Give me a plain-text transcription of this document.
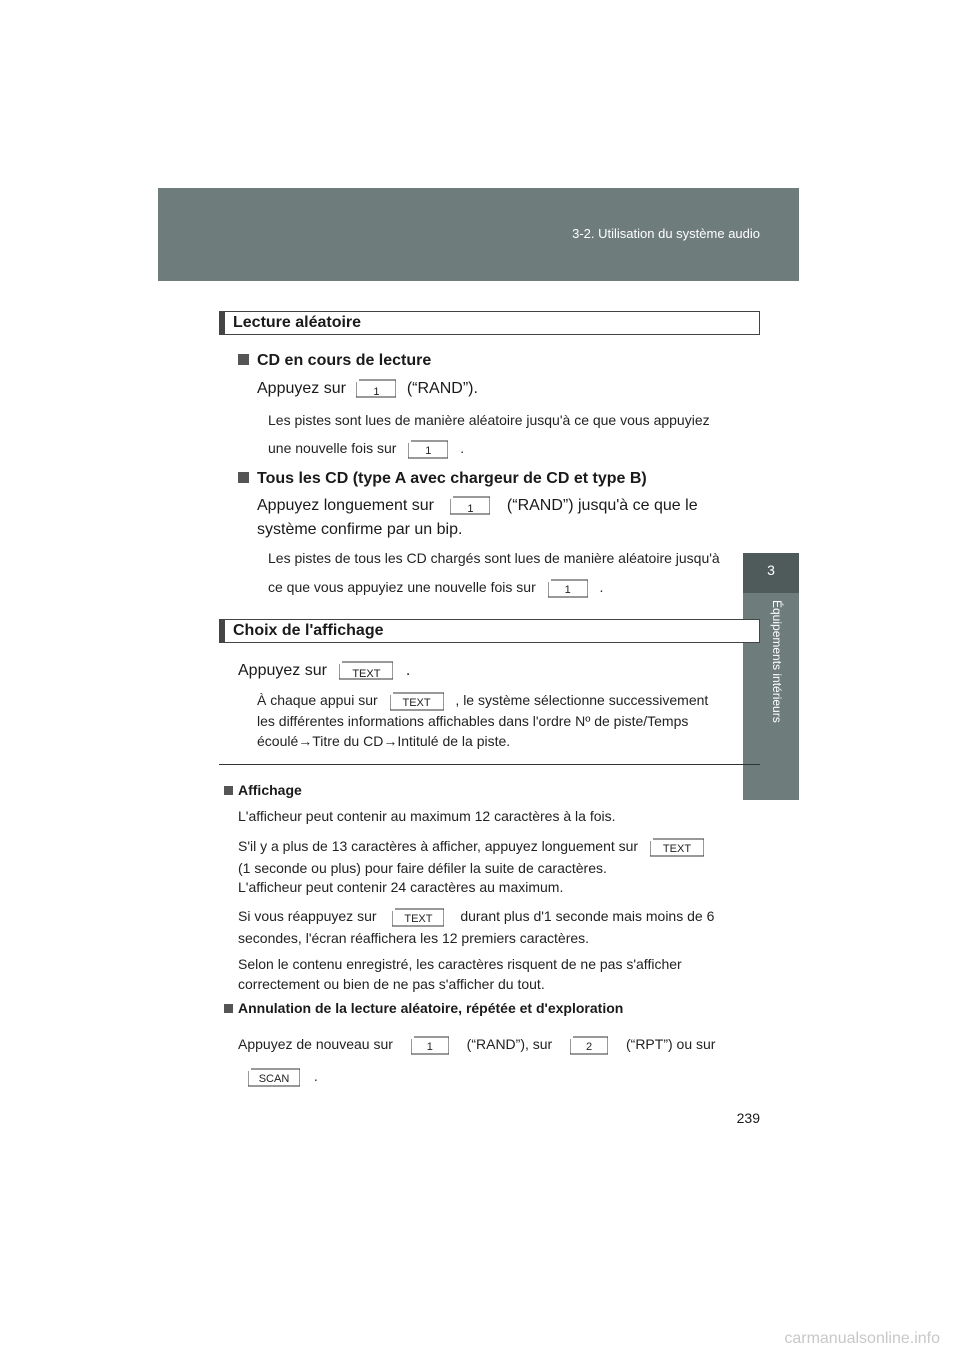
3-2. Utilisation du système audio
3
Équipements intérieurs
Lecture aléatoire
CD en cours de lecture
Appuyez sur	1	(“RAND”).
Les pistes sont lues de manière aléatoire jusqu'à ce que vous appuyiez
une nouvelle fois sur	1	.
Tous les CD (type A avec chargeur de CD et type B)
Appuyez longuement sur	1	(“RAND”) jusqu'à ce que le
système confirme par un bip.
Les pistes de tous les CD chargés sont lues de manière aléatoire jusqu'à
ce que vous appuyiez une nouvelle fois sur	1	.
Choix de l'affichage
Appuyez sur	TEXT	.
À chaque appui sur	TEXT	, le système sélectionne successivement
les différentes informations affichables dans l'ordre Nº de piste/Temps
écoulé→Titre du CD→Intitulé de la piste.
Affichage
L'afficheur peut contenir au maximum 12 caractères à la fois.
S'il y a plus de 13 caractères à afficher, appuyez longuement sur	TEXT
(1 seconde ou plus) pour faire défiler la suite de caractères.
L'afficheur peut contenir 24 caractères au maximum.
Si vous réappuyez sur	TEXT	durant plus d'1 seconde mais moins de 6
secondes, l'écran réaffichera les 12 premiers caractères.
Selon le contenu enregistré, les caractères risquent de ne pas s'afficher
correctement ou bien de ne pas s'afficher du tout.
Annulation de la lecture aléatoire, répétée et d'exploration
Appuyez de nouveau sur	1	(“RAND”), sur	2	(“RPT”) ou sur
SCAN	.
239
carmanualsonline.info
